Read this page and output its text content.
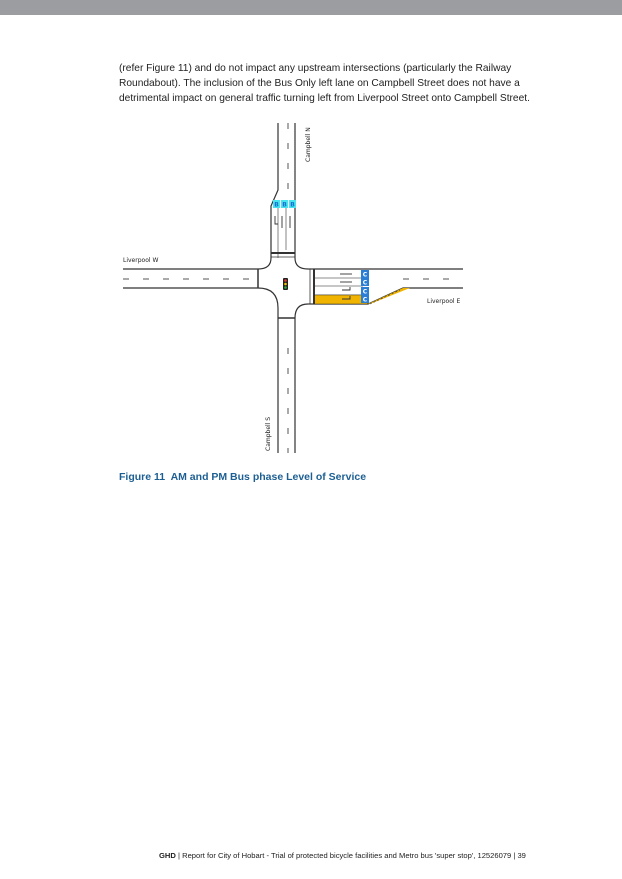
(refer Figure 11) and do not impact any upstream intersections (particularly the Railway
Roundabout). The inclusion of the Bus Only left lane on Campbell Street does not have a
detrimental impact on general traffic turning left from Liverpool Street onto Campbell Street.
B B B
C
C
C
C
Campbell N
Campbell S
Liverpool W
Liverpool E
Figure 11 AM and PM Bus phase Level of Service
GHD | Report for City of Hobart - Trial of protected bicycle facilities and Metro bus 'super stop', 12526079 | 39
